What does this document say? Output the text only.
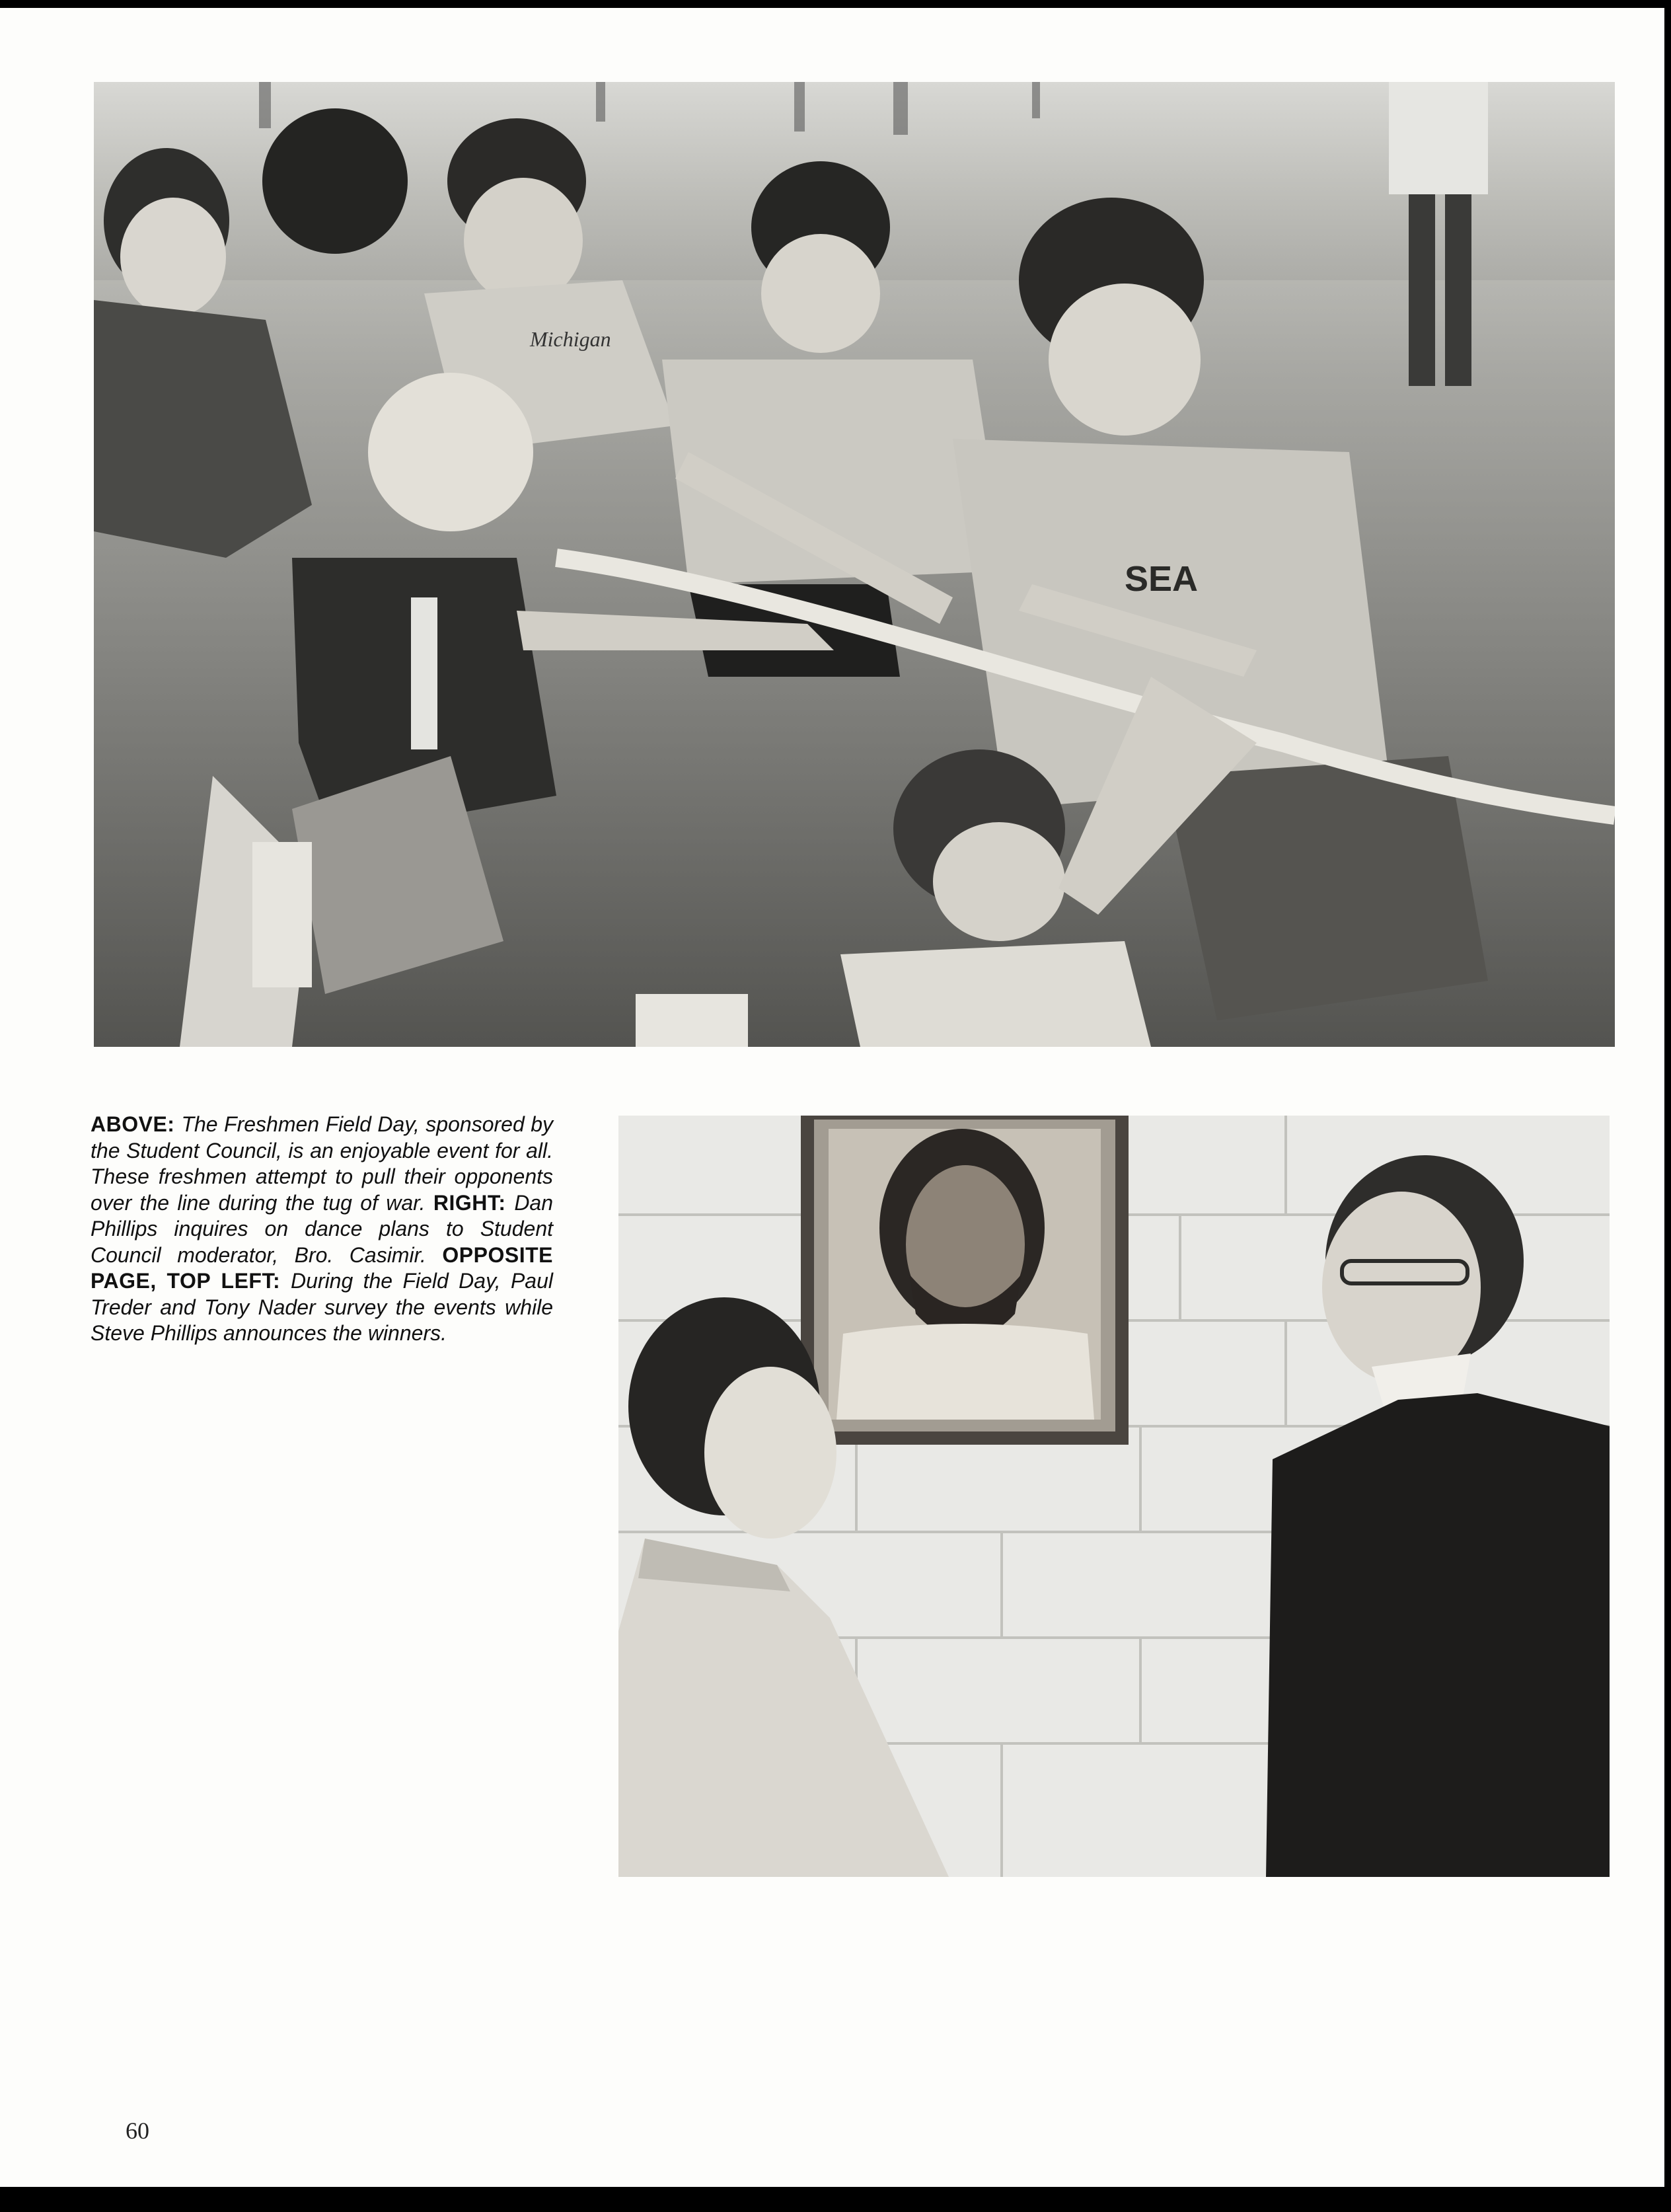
Michigan
SEA
ABOVE: The Freshmen Field Day, sponsored by the Student Council, is an enjoyable event for all. These freshmen attempt to pull their opponents over the line during the tug of war. RIGHT: Dan Phillips inquires on dance plans to Student Council moderator, Bro. Casimir. OPPOSITE PAGE, TOP LEFT: During the Field Day, Paul Treder and Tony Nader survey the events while Steve Phillips announces the winners.
60
